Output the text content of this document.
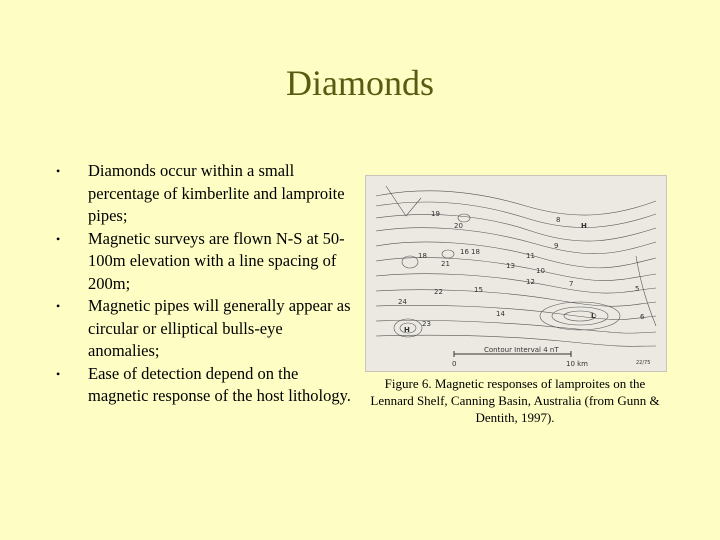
Diamonds
• Diamonds occur within a small percentage of kimberlite and lamproite pipes;
• Magnetic surveys are flown N-S at 50-100m elevation with a line spacing of 200m;
• Magnetic pipes will generally appear as circular or elliptical bulls-eye anomalies;
• Ease of detection depend on the magnetic response of the host lithology.
19
20
8
18	16 18
9
11
21	13
10
12	7
22	15
24
14
23
5
6
H
H
L
0	10 km
Contour Interval 4 nT
22/75
Figure 6. Magnetic responses of lamproites on the Lennard Shelf, Canning Basin, Australia (from Gunn & Dentith, 1997).
